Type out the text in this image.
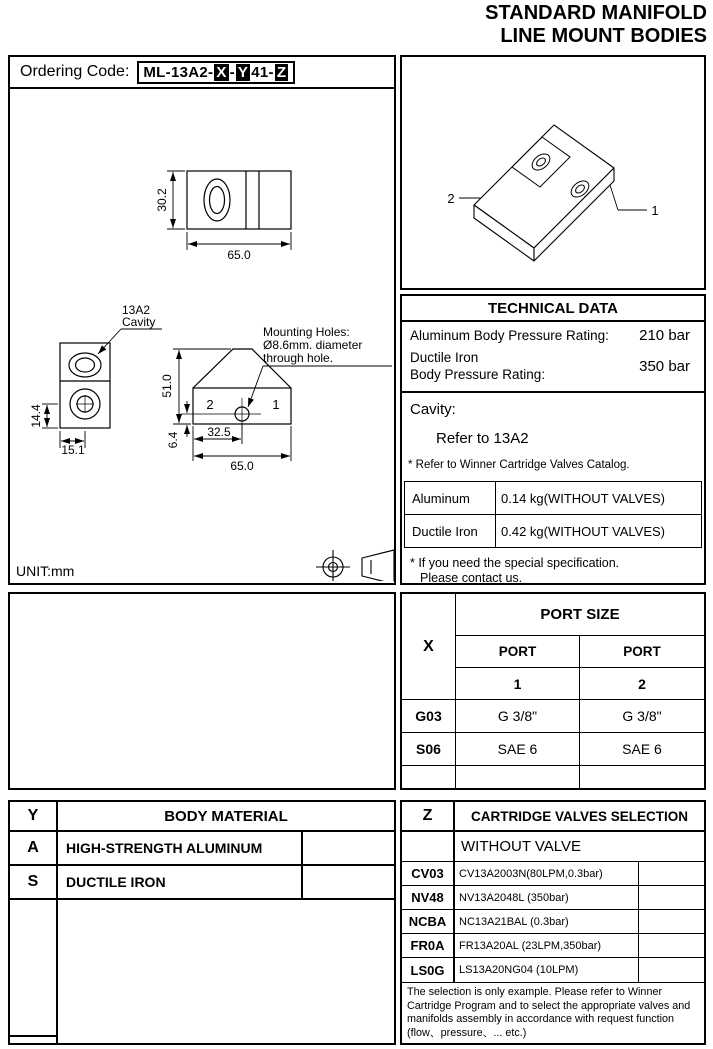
STANDARD MANIFOLD
LINE MOUNT BODIES
Ordering Code: ML-13A2- X - Y 41- Z
30.2
65.0
14.4
15.1
13A2
Cavity
2	1
51.0
6.4 32.5
65.0
Mounting Holes:
Ø8.6mm. diameter
through hole.
UNIT:mm
2
1
TECHNICAL DATA
Aluminum Body Pressure Rating: 210 bar
Ductile Iron
Body Pressure Rating:	350 bar
Cavity:
Refer to 13A2
* Refer to Winner Cartridge Valves Catalog.
Aluminum	0.14 kg(WITHOUT VALVES)
Ductile Iron	0.42 kg(WITHOUT VALVES)
* If you need the special specification.
Please contact us.
X
PORT SIZE
PORT	PORT
1	2
G03	G 3/8"	G 3/8"
S06	SAE 6	SAE 6
Y	BODY MATERIAL
A	HIGH-STRENGTH ALUMINUM
S	DUCTILE IRON
Z	CARTRIDGE VALVES SELECTION
WITHOUT VALVE
CV03	CV13A2003N(80LPM,0.3bar)
NV48	NV13A2048L (350bar)
NCBA	NC13A21BAL (0.3bar)
FR0A	FR13A20AL (23LPM,350bar)
LS0G	LS13A20NG04 (10LPM)
The selection is only example. Please refer to Winner Cartridge Program and to select the appropriate valves and manifolds assembly in accordance with request function (flow、pressure、... etc.)
